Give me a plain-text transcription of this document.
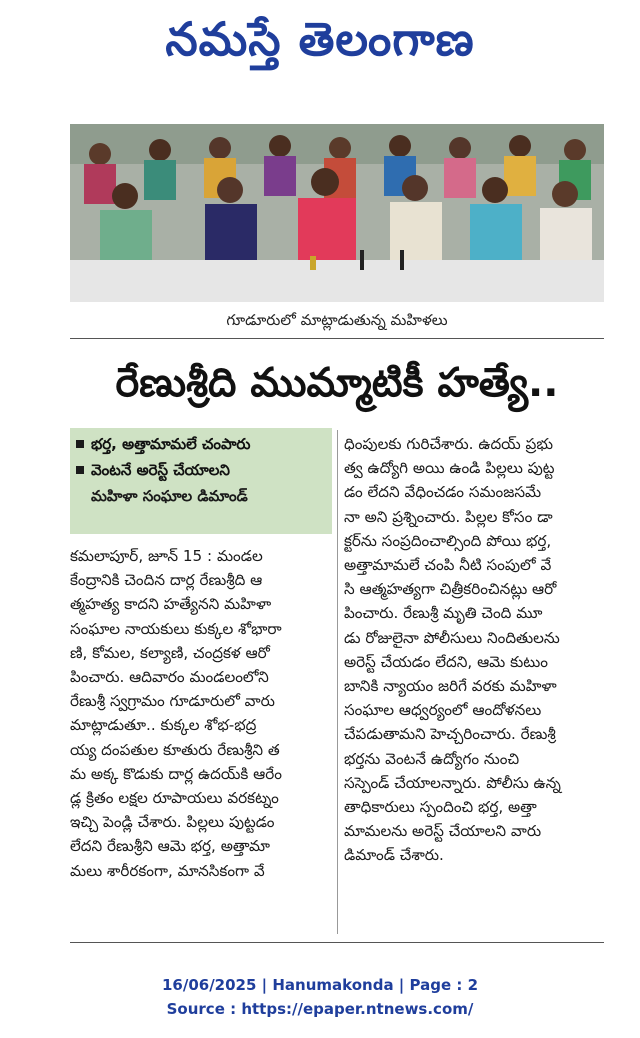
నమస్తే తెలంగాణ
గూడూరులో మాట్లాడుతున్న మహిళలు
రేణుశ్రీది ముమ్మాటికీ హత్యే..
భర్త, అత్తామామలే చంపారు
వెంటనే అరెస్ట్ చేయాలని
మహిళా సంఘాల డిమాండ్
కమలాపూర్, జూన్ 15 : మండల
కేంద్రానికి చెందిన దార్ల రేణుశ్రీది ఆ
త్మహత్య కాదని హత్యేనని మహిళా
సంఘాల నాయకులు కుక్కల శోభారా
ణి, కోమల, కల్యాణి, చంద్రకళ ఆరో
పించారు. ఆదివారం మండలంలోని
రేణుశ్రీ స్వగ్రామం గూడూరులో వారు
మాట్లాడుతూ.. కుక్కల శోభ-భద్ర
య్య దంపతుల కూతురు రేణుశ్రీని త
మ అక్క కొడుకు దార్ల ఉదయ్‌కి ఆరేం
డ్ల క్రితం లక్షల రూపాయలు వరకట్నం
ఇచ్చి పెండ్లి చేశారు. పిల్లలు పుట్టడం
లేదని రేణుశ్రీని ఆమె భర్త, అత్తామా
మలు శారీరకంగా, మానసికంగా వే
ధింపులకు గురిచేశారు. ఉదయ్ ప్రభు
త్వ ఉద్యోగి అయి ఉండి పిల్లలు పుట్ట
డం లేదని వేధించడం సమంజసమే
నా అని ప్రశ్నించారు. పిల్లల కోసం డా
క్టర్‌ను సంప్రదించాల్సింది పోయి భర్త,
అత్తామామలే చంపి నీటి సంపులో వే
సి ఆత్మహత్యగా చిత్రీకరించినట్లు ఆరో
పించారు. రేణుశ్రీ మృతి చెంది మూ
డు రోజులైనా పోలీసులు నిందితులను
అరెస్ట్ చేయడం లేదని, ఆమె కుటుం
బానికి న్యాయం జరిగే వరకు మహిళా
సంఘాల ఆధ్వర్యంలో ఆందోళనలు
చేపడుతామని హెచ్చరించారు. రేణుశ్రీ
భర్తను వెంటనే ఉద్యోగం నుంచి
సస్పెండ్ చేయాలన్నారు. పోలీసు ఉన్న
తాధికారులు స్పందించి భర్త, అత్తా
మామలను అరెస్ట్ చేయాలని వారు
డిమాండ్ చేశారు.
16/06/2025 | Hanumakonda | Page : 2
Source : https://epaper.ntnews.com/
